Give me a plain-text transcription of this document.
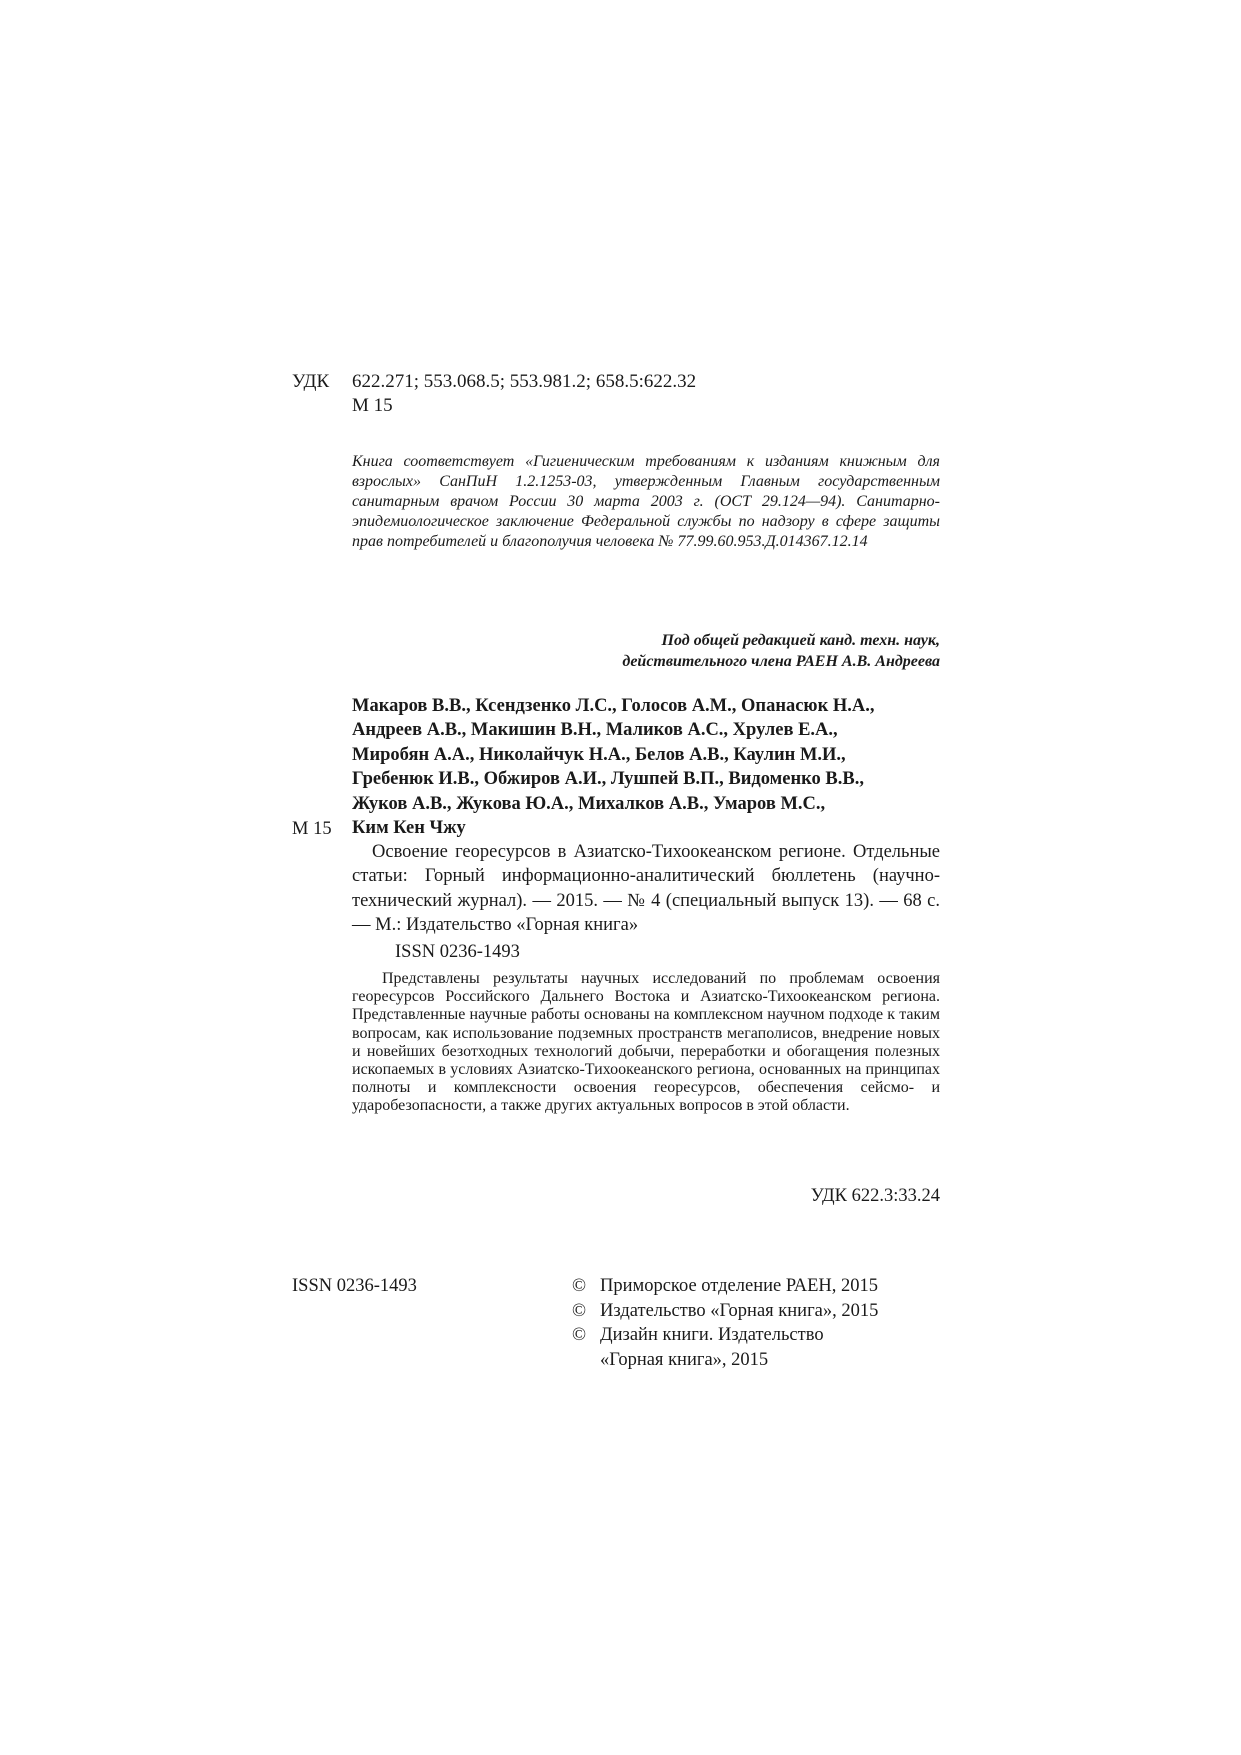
УДК 622.271; 553.068.5; 553.981.2; 658.5:622.32
М 15
Книга соответствует «Гигиеническим требованиям к изданиям книжным для взрослых» СанПиН 1.2.1253-03, утвержденным Главным государственным санитарным врачом России 30 марта 2003 г. (ОСТ 29.124—94). Санитарно-эпидемиологическое заключение Федеральной службы по надзору в сфере защиты прав потребителей и благополучия человека № 77.99.60.953.Д.014367.12.14
Под общей редакцией канд. техн. наук,
действительного члена РАЕН А.В. Андреева
Макаров В.В., Ксендзенко Л.С., Голосов А.М., Опанасюк Н.А.,
Андреев А.В., Макишин В.Н., Маликов А.С., Хрулев Е.А.,
Миробян А.А., Николайчук Н.А., Белов А.В., Каулин М.И.,
Гребенюк И.В., Обжиров А.И., Лушпей В.П., Видоменко В.В.,
Жуков А.В., Жукова Ю.А., Михалков А.В., Умаров М.С.,
Ким Кен Чжу
М 15
Освоение георесурсов в Азиатско-Тихоокеанском регионе. Отдельные статьи: Горный информационно-аналитический бюллетень (научно-технический журнал). — 2015. — № 4 (специальный выпуск 13). — 68 с. — М.: Издательство «Горная книга»
ISSN 0236-1493
Представлены результаты научных исследований по проблемам освоения георесурсов Российского Дальнего Востока и Азиатско-Тихоокеанском региона. Представленные научные работы основаны на комплексном научном подходе к таким вопросам, как использование подземных пространств мегаполисов, внедрение новых и новейших безотходных технологий добычи, переработки и обогащения полезных ископаемых в условиях Азиатско-Тихоокеанского региона, основанных на принципах полноты и комплексности освоения георесурсов, обеспечения сейсмо- и ударобезопасности, а также других актуальных вопросов в этой области.
УДК 622.3:33.24
ISSN 0236-1493	© Приморское отделение РАЕН, 2015
© Издательство «Горная книга», 2015
© Дизайн книги. Издательство
«Горная книга», 2015
